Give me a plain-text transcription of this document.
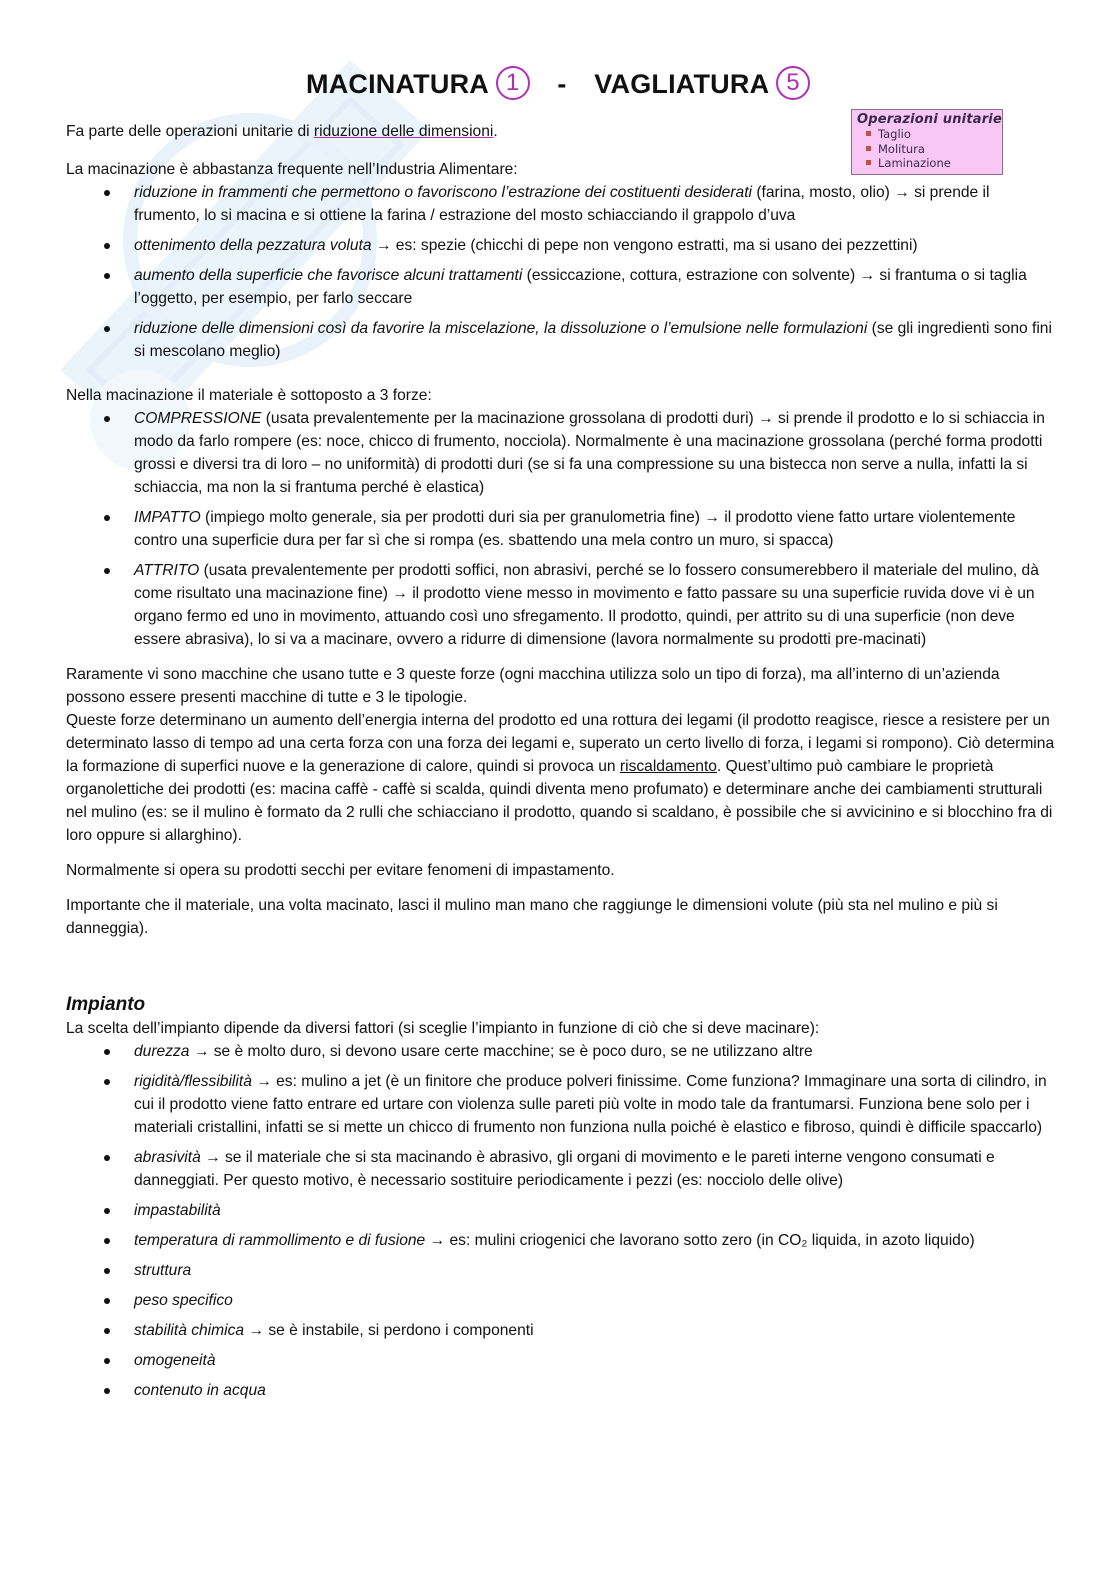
MACINATURA 1 - VAGLIATURA 5
Operazioni unitarie
Taglio
Molitura
Laminazione

Fa parte delle operazioni unitarie di riduzione delle dimensioni.

La macinazione è abbastanza frequente nell’Industria Alimentare:

riduzione in frammenti che permettono o favoriscono l’estrazione dei costituenti desiderati (farina, mosto, olio) → si prende il frumento, lo si macina e si ottiene la farina / estrazione del mosto schiacciando il grappolo d’uva
ottenimento della pezzatura voluta → es: spezie (chicchi di pepe non vengono estratti, ma si usano dei pezzettini)
aumento della superficie che favorisce alcuni trattamenti (essiccazione, cottura, estrazione con solvente) → si frantuma o si taglia l’oggetto, per esempio, per farlo seccare
riduzione delle dimensioni così da favorire la miscelazione, la dissoluzione o l’emulsione nelle formulazioni (se gli ingredienti sono fini si mescolano meglio)

Nella macinazione il materiale è sottoposto a 3 forze:

COMPRESSIONE (usata prevalentemente per la macinazione grossolana di prodotti duri) → si prende il prodotto e lo si schiaccia in modo da farlo rompere (es: noce, chicco di frumento, nocciola). Normalmente è una macinazione grossolana (perché forma prodotti grossi e diversi tra di loro – no uniformità) di prodotti duri (se si fa una compressione su una bistecca non serve a nulla, infatti la si schiaccia, ma non la si frantuma perché è elastica)
IMPATTO (impiego molto generale, sia per prodotti duri sia per granulometria fine) → il prodotto viene fatto urtare violentemente contro una superficie dura per far sì che si rompa (es. sbattendo una mela contro un muro, si spacca)
ATTRITO (usata prevalentemente per prodotti soffici, non abrasivi, perché se lo fossero consumerebbero il materiale del mulino, dà come risultato una macinazione fine) → il prodotto viene messo in movimento e fatto passare su una superficie ruvida dove vi è un organo fermo ed uno in movimento, attuando così uno sfregamento. Il prodotto, quindi, per attrito su di una superficie (non deve essere abrasiva), lo si va a macinare, ovvero a ridurre di dimensione (lavora normalmente su prodotti pre-macinati)

Raramente vi sono macchine che usano tutte e 3 queste forze (ogni macchina utilizza solo un tipo di forza), ma all’interno di un’azienda possono essere presenti macchine di tutte e 3 le tipologie.

Queste forze determinano un aumento dell’energia interna del prodotto ed una rottura dei legami (il prodotto reagisce, riesce a resistere per un determinato lasso di tempo ad una certa forza con una forza dei legami e, superato un certo livello di forza, i legami si rompono). Ciò determina la formazione di superfici nuove e la generazione di calore, quindi si provoca un riscaldamento. Quest’ultimo può cambiare le proprietà organolettiche dei prodotti (es: macina caffè - caffè si scalda, quindi diventa meno profumato) e determinare anche dei cambiamenti strutturali nel mulino (es: se il mulino è formato da 2 rulli che schiacciano il prodotto, quando si scaldano, è possibile che si avvicinino e si blocchino fra di loro oppure si allarghino).

Normalmente si opera su prodotti secchi per evitare fenomeni di impastamento.

Importante che il materiale, una volta macinato, lasci il mulino man mano che raggiunge le dimensioni volute (più sta nel mulino e più si danneggia).

Impianto

La scelta dell’impianto dipende da diversi fattori (si sceglie l’impianto in funzione di ciò che si deve macinare):

durezza → se è molto duro, si devono usare certe macchine; se è poco duro, se ne utilizzano altre
rigidità/flessibilità → es: mulino a jet (è un finitore che produce polveri finissime. Come funziona? Immaginare una sorta di cilindro, in cui il prodotto viene fatto entrare ed urtare con violenza sulle pareti più volte in modo tale da frantumarsi. Funziona bene solo per i materiali cristallini, infatti se si mette un chicco di frumento non funziona nulla poiché è elastico e fibroso, quindi è difficile spaccarlo)
abrasività → se il materiale che si sta macinando è abrasivo, gli organi di movimento e le pareti interne vengono consumati e danneggiati. Per questo motivo, è necessario sostituire periodicamente i pezzi (es: nocciolo delle olive)
impastabilità
temperatura di rammollimento e di fusione → es: mulini criogenici che lavorano sotto zero (in CO₂ liquida, in azoto liquido)
struttura
peso specifico
stabilità chimica → se è instabile, si perdono i componenti
omogeneità
contenuto in acqua
